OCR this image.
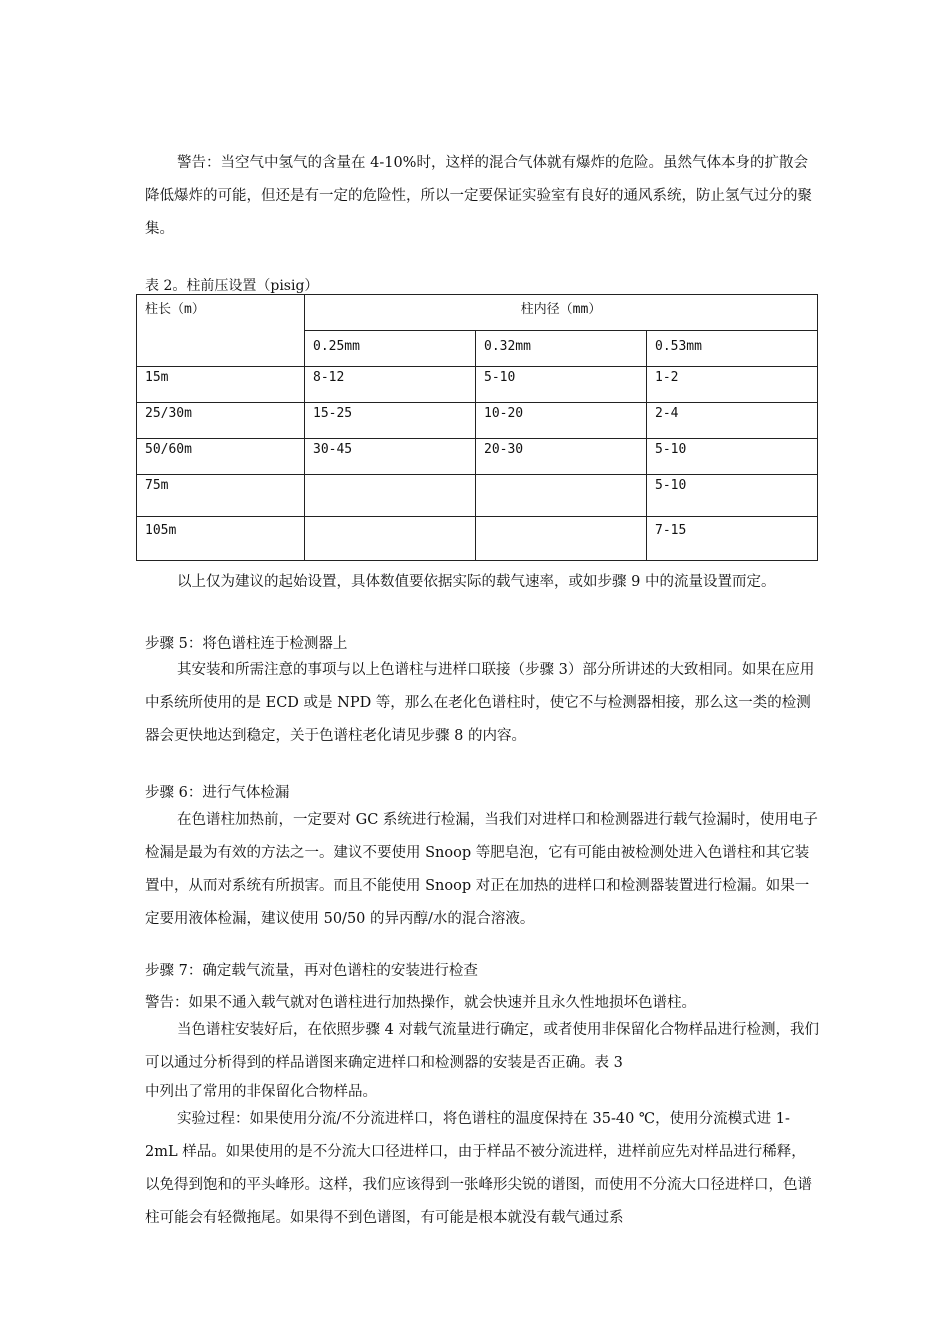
警告：当空气中氢气的含量在 4-10%时，这样的混合气体就有爆炸的危险。虽然气体本身的扩散会降低爆炸的可能，但还是有一定的危险性，所以一定要保证实验室有良好的通风系统，防止氢气过分的聚集。

表 2。柱前压设置（pisig）
柱长（m）	柱内径（mm）		
	0.25mm	0.32mm	0.53mm
15m	8-12	5-10	1-2
25/30m	15-25	10-20	2-4
50/60m	30-45	20-30	5-10
75m			5-10
105m			7-15

以上仅为建议的起始设置，具体数值要依据实际的载气速率，或如步骤 9 中的流量设置而定。

步骤 5：将色谱柱连于检测器上

其安装和所需注意的事项与以上色谱柱与进样口联接（步骤 3）部分所讲述的大致相同。如果在应用中系统所使用的是 ECD 或是 NPD 等，那么在老化色谱柱时，使它不与检测器相接，那么这一类的检测器会更快地达到稳定，关于色谱柱老化请见步骤 8 的内容。

步骤 6：进行气体检漏

在色谱柱加热前，一定要对 GC 系统进行检漏，当我们对进样口和检测器进行载气捡漏时，使用电子检漏是最为有效的方法之一。建议不要使用 Snoop 等肥皂泡，它有可能由被检测处进入色谱柱和其它装置中，从而对系统有所损害。而且不能使用 Snoop 对正在加热的进样口和检测器装置进行检漏。如果一定要用液体检漏，建议使用 50/50 的异丙醇/水的混合溶液。

步骤 7：确定载气流量，再对色谱柱的安装进行检查

警告：如果不通入载气就对色谱柱进行加热操作，就会快速并且永久性地损坏色谱柱。

当色谱柱安装好后，在依照步骤 4 对载气流量进行确定，或者使用非保留化合物样品进行检测，我们可以通过分析得到的样品谱图来确定进样口和检测器的安装是否正确。表 3

中列出了常用的非保留化合物样品。

实验过程：如果使用分流/不分流进样口，将色谱柱的温度保持在 35-40 ℃，使用分流模式进 1-2mL 样品。如果使用的是不分流大口径进样口，由于样品不被分流进样，进样前应先对样品进行稀释，以免得到饱和的平头峰形。这样，我们应该得到一张峰形尖锐的谱图，而使用不分流大口径进样口，色谱柱可能会有轻微拖尾。如果得不到色谱图，有可能是根本就没有载气通过系
